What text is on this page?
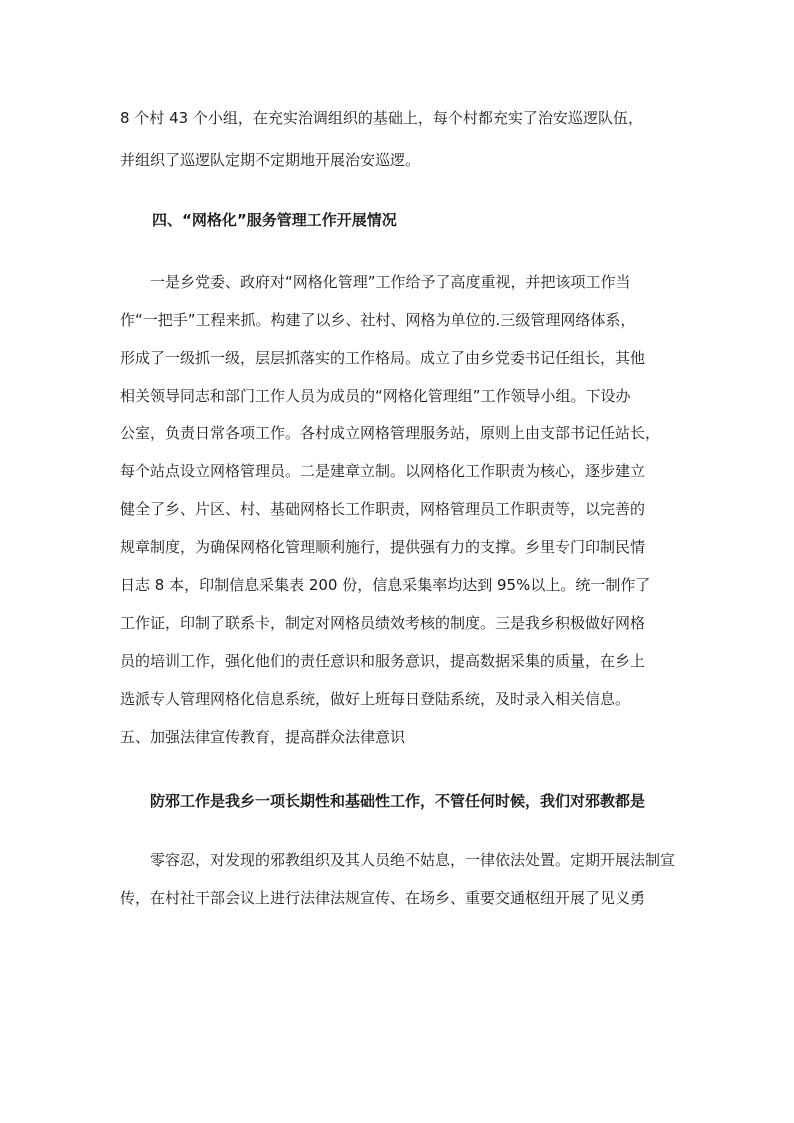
8 个村 43 个小组，在充实治调组织的基础上，每个村都充实了治安巡逻队伍，
并组织了巡逻队定期不定期地开展治安巡逻。
四、“网格化”服务管理工作开展情况
一是乡党委、政府对“网格化管理”工作给予了高度重视，并把该项工作当
作“一把手”工程来抓。构建了以乡、社村、网格为单位的.三级管理网络体系，
形成了一级抓一级，层层抓落实的工作格局。成立了由乡党委书记任组长，其他
相关领导同志和部门工作人员为成员的“网格化管理组”工作领导小组。下设办
公室，负责日常各项工作。各村成立网格管理服务站，原则上由支部书记任站长，
每个站点设立网格管理员。二是建章立制。以网格化工作职责为核心，逐步建立
健全了乡、片区、村、基础网格长工作职责，网格管理员工作职责等，以完善的
规章制度，为确保网格化管理顺利施行，提供强有力的支撑。乡里专门印制民情
日志 8 本，印制信息采集表 200 份，信息采集率均达到 95%以上。统一制作了
工作证，印制了联系卡，制定对网格员绩效考核的制度。三是我乡积极做好网格
员的培训工作，强化他们的责任意识和服务意识，提高数据采集的质量，在乡上
选派专人管理网格化信息系统，做好上班每日登陆系统，及时录入相关信息。
五、加强法律宣传教育，提高群众法律意识
防邪工作是我乡一项长期性和基础性工作，不管任何时候，我们对邪教都是
零容忍，对发现的邪教组织及其人员绝不姑息，一律依法处置。定期开展法制宣
传，在村社干部会议上进行法律法规宣传、在场乡、重要交通枢纽开展了见义勇
